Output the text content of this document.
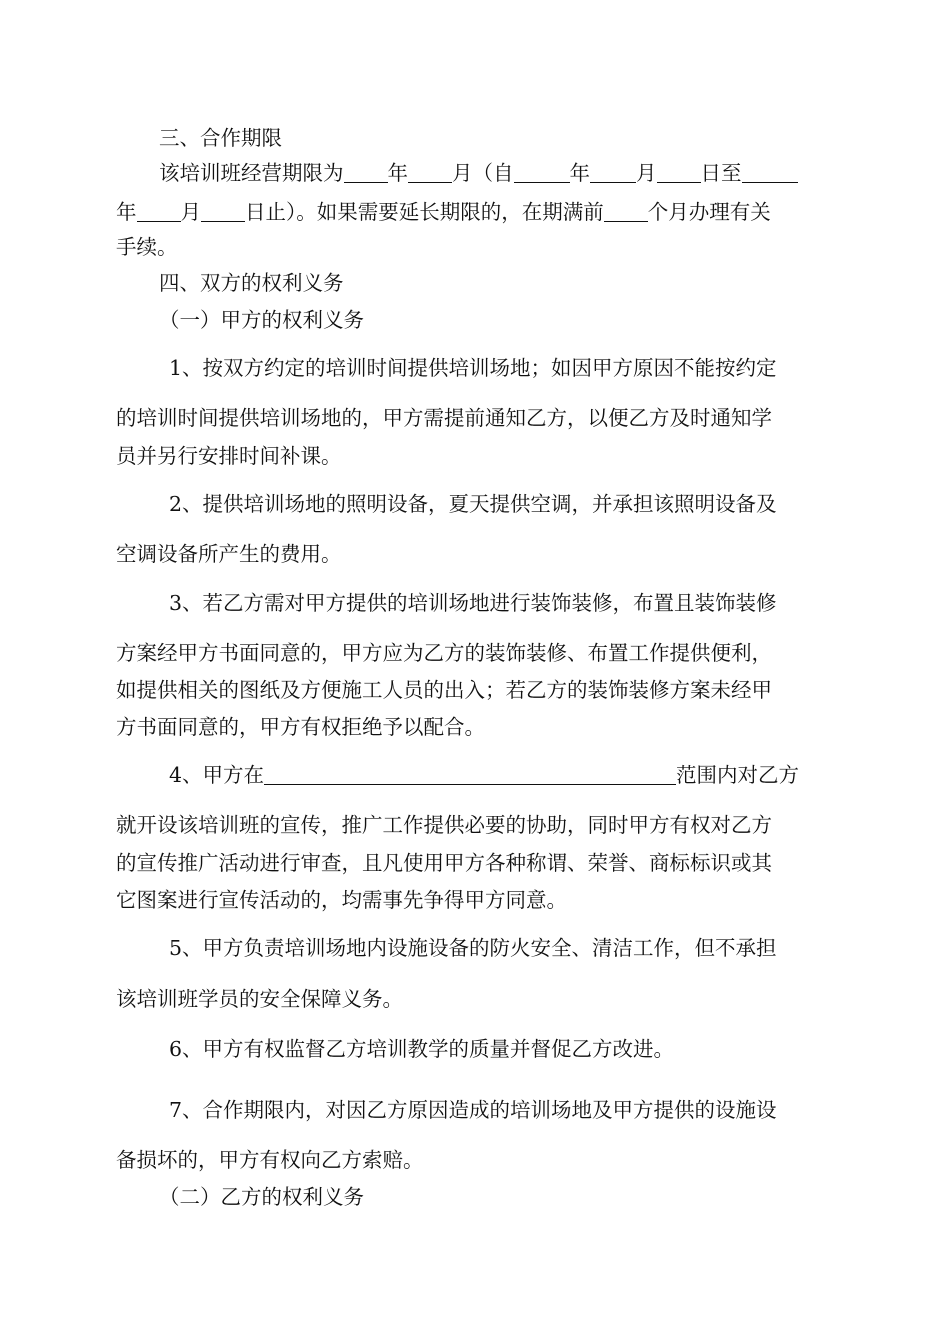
三、合作期限
该培训班经营期限为 年 月（自	年 月 日至
年 月 日止）。如果需要延长期限的，在期满前 个月办理有关
手续。
四、双方的权利义务
（一）甲方的权利义务
1、按双方约定的培训时间提供培训场地；如因甲方原因不能按约定
的培训时间提供培训场地的，甲方需提前通知乙方，以便乙方及时通知学
员并另行安排时间补课。
2、提供培训场地的照明设备，夏天提供空调，并承担该照明设备及
空调设备所产生的费用。
3、若乙方需对甲方提供的培训场地进行装饰装修，布置且装饰装修
方案经甲方书面同意的，甲方应为乙方的装饰装修、布置工作提供便利，
如提供相关的图纸及方便施工人员的出入；若乙方的装饰装修方案未经甲
方书面同意的，甲方有权拒绝予以配合。
4、甲方在	范围内对乙方
就开设该培训班的宣传，推广工作提供必要的协助，同时甲方有权对乙方
的宣传推广活动进行审查，且凡使用甲方各种称谓、荣誉、商标标识或其
它图案进行宣传活动的，均需事先争得甲方同意。
5、甲方负责培训场地内设施设备的防火安全、清洁工作，但不承担
该培训班学员的安全保障义务。
6、甲方有权监督乙方培训教学的质量并督促乙方改进。
7、合作期限内，对因乙方原因造成的培训场地及甲方提供的设施设
备损坏的，甲方有权向乙方索赔。
（二）乙方的权利义务
